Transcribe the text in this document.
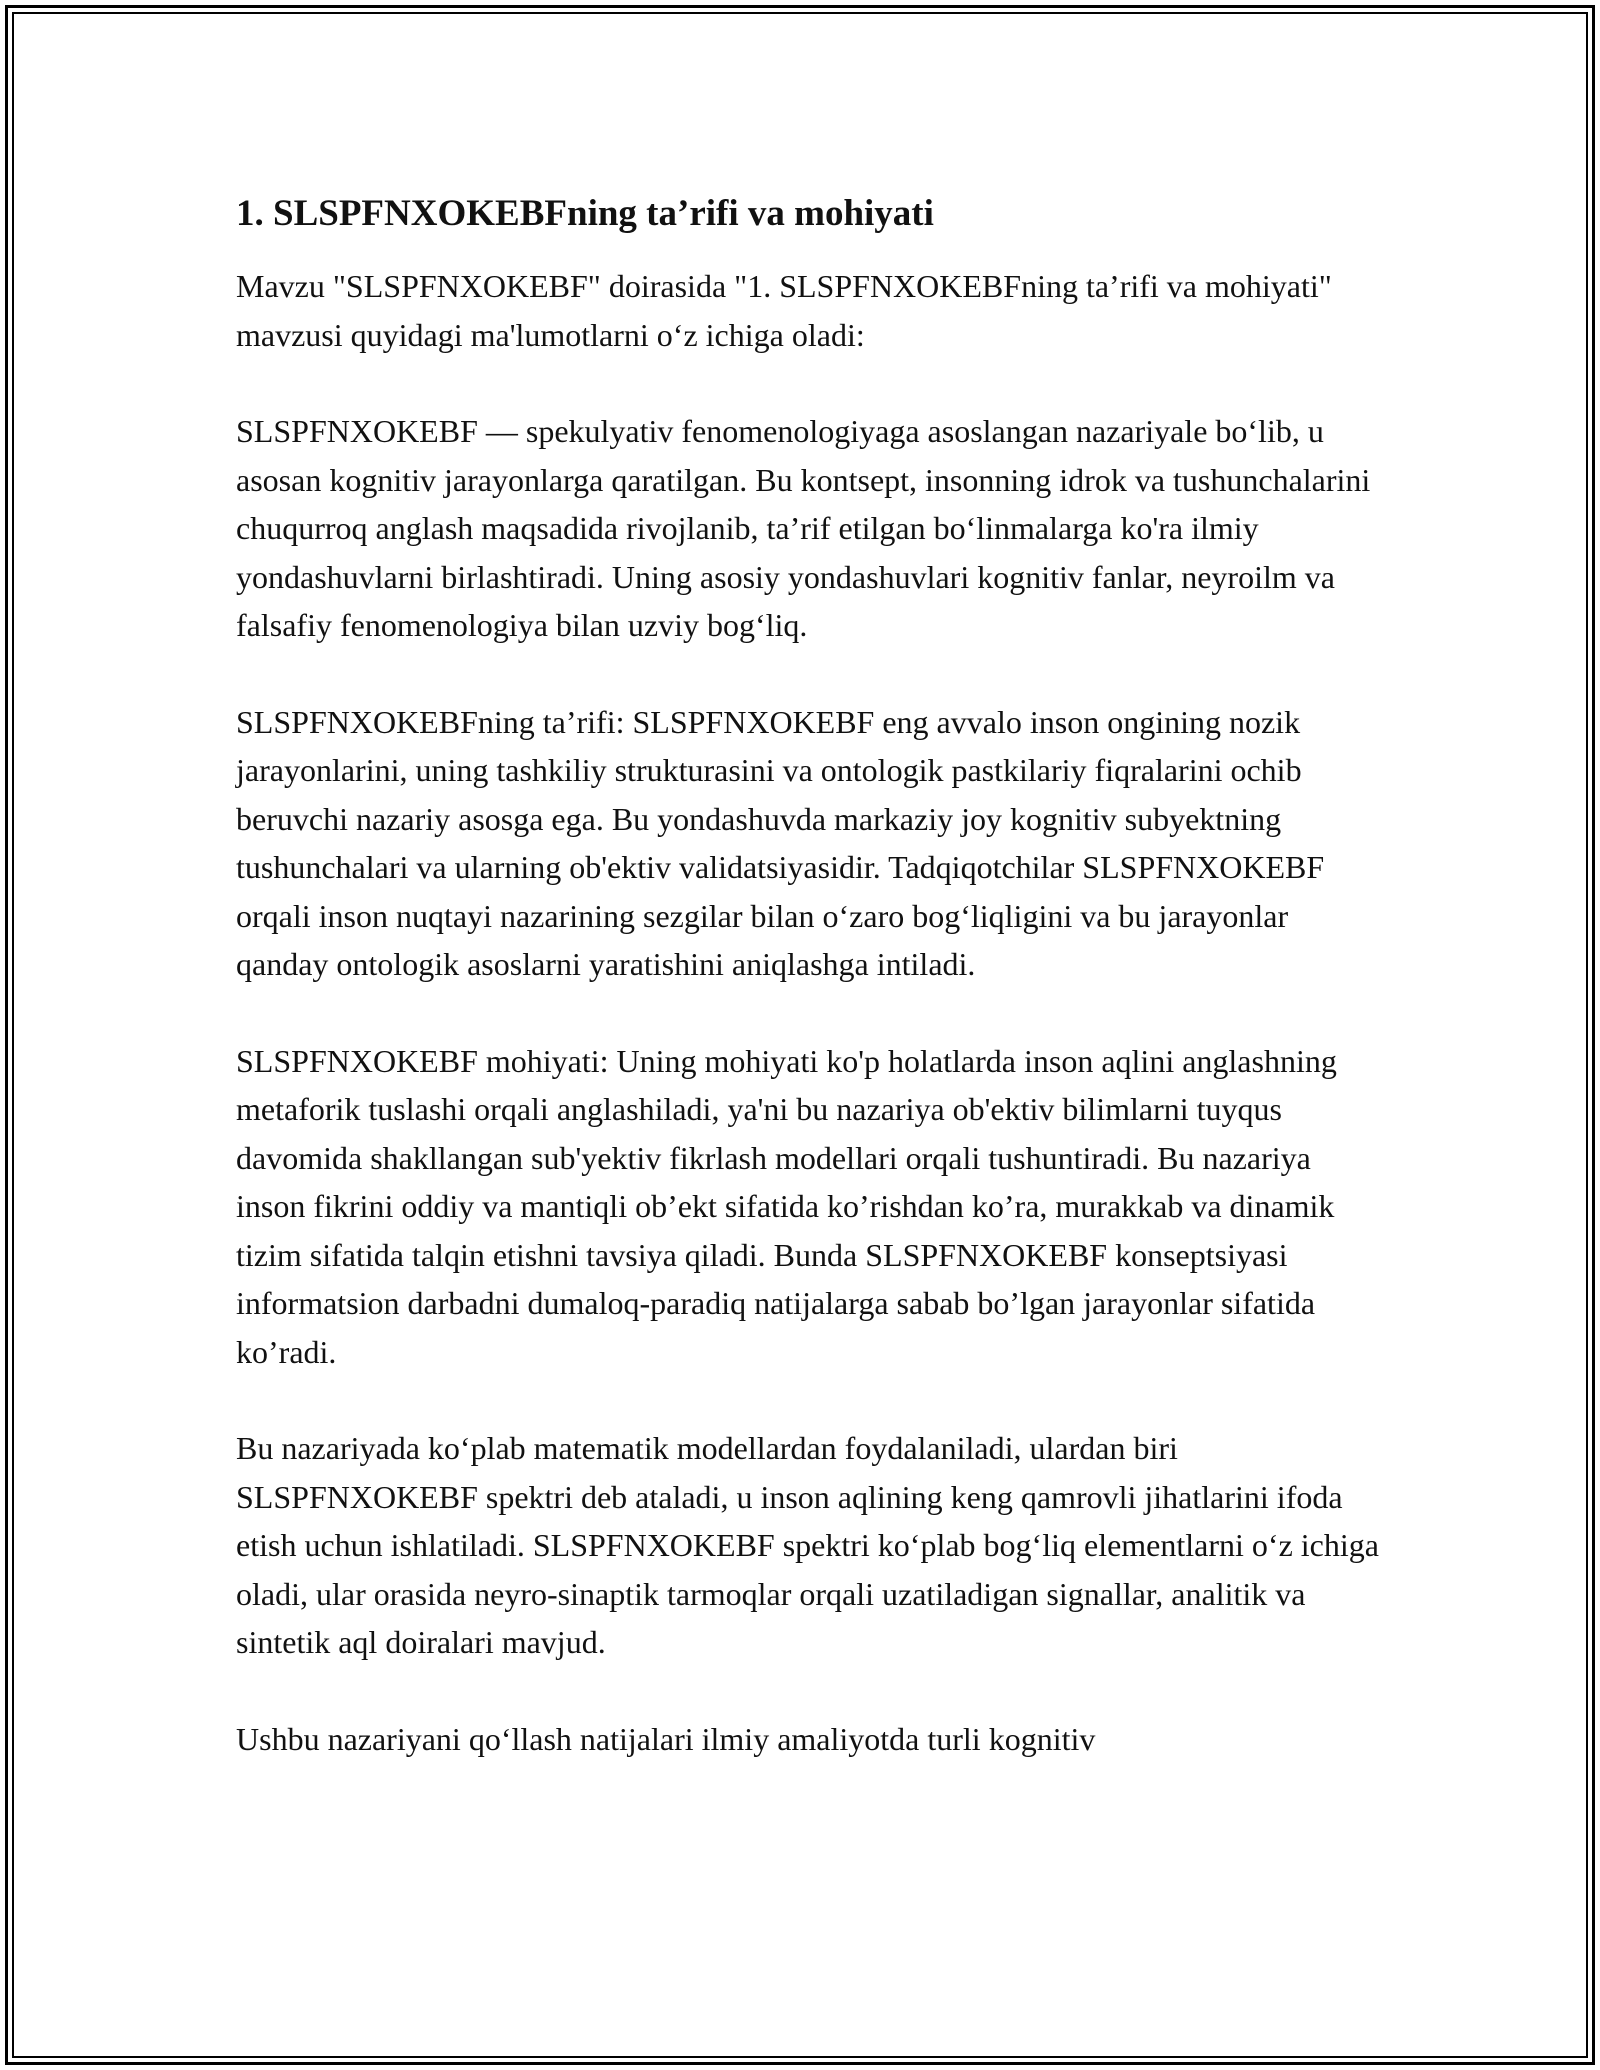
1. SLSPFNXOKEBFning ta’rifi va mohiyati

Mavzu "SLSPFNXOKEBF" doirasida "1. SLSPFNXOKEBFning ta’rifi va mohiyati" mavzusi quyidagi ma'lumotlarni o‘z ichiga oladi:

SLSPFNXOKEBF — spekulyativ fenomenologiyaga asoslangan nazariyale bo‘lib, u asosan kognitiv jarayonlarga qaratilgan. Bu kontsept, insonning idrok va tushunchalarini chuqurroq anglash maqsadida rivojlanib, ta’rif etilgan bo‘linmalarga ko'ra ilmiy yondashuvlarni birlashtiradi. Uning asosiy yondashuvlari kognitiv fanlar, neyroilm va falsafiy fenomenologiya bilan uzviy bog‘liq.

SLSPFNXOKEBFning ta’rifi: SLSPFNXOKEBF eng avvalo inson ongining nozik jarayonlarini, uning tashkiliy strukturasini va ontologik pastkilariy fiqralarini ochib beruvchi nazariy asosga ega. Bu yondashuvda markaziy joy kognitiv subyektning tushunchalari va ularning ob'ektiv validatsiyasidir. Tadqiqotchilar SLSPFNXOKEBF orqali inson nuqtayi nazarining sezgilar bilan o‘zaro bog‘liqligini va bu jarayonlar qanday ontologik asoslarni yaratishini aniqlashga intiladi.

SLSPFNXOKEBF mohiyati: Uning mohiyati ko'p holatlarda inson aqlini anglashning metaforik tuslashi orqali anglashiladi, ya'ni bu nazariya ob'ektiv bilimlarni tuyqus davomida shakllangan sub'yektiv fikrlash modellari orqali tushuntiradi. Bu nazariya inson fikrini oddiy va mantiqli ob’ekt sifatida ko’rishdan ko’ra, murakkab va dinamik tizim sifatida talqin etishni tavsiya qiladi. Bunda SLSPFNXOKEBF konseptsiyasi informatsion darbadni dumaloq-paradiq natijalarga sabab bo’lgan jarayonlar sifatida ko’radi.

Bu nazariyada ko‘plab matematik modellardan foydalaniladi, ulardan biri SLSPFNXOKEBF spektri deb ataladi, u inson aqlining keng qamrovli jihatlarini ifoda etish uchun ishlatiladi. SLSPFNXOKEBF spektri ko‘plab bog‘liq elementlarni o‘z ichiga oladi, ular orasida neyro-sinaptik tarmoqlar orqali uzatiladigan signallar, analitik va sintetik aql doiralari mavjud.

Ushbu nazariyani qo‘llash natijalari ilmiy amaliyotda turli kognitiv
